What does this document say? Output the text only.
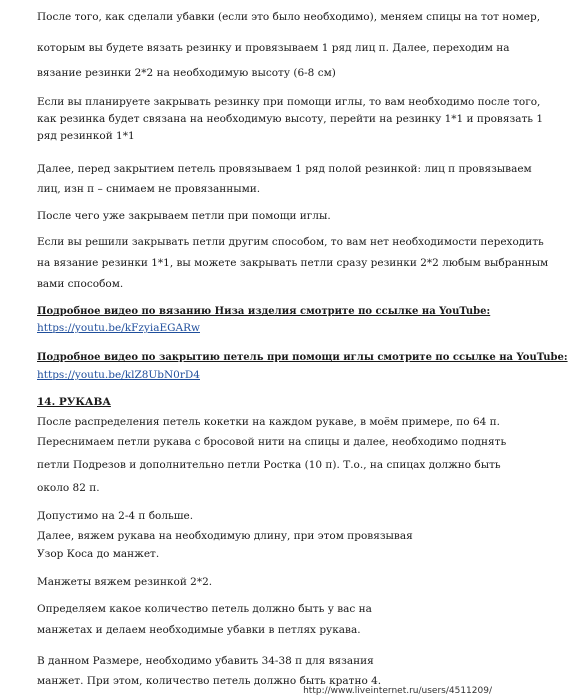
После того, как сделали убавки (если это было необходимо), меняем спицы на тот номер,

которым вы будете вязать резинку и провязываем 1 ряд лиц п. Далее, переходим на

вязание резинки 2*2 на необходимую высоту (6-8 см)

Если вы планируете закрывать резинку при помощи иглы, то вам необходимо после того,

как резинка будет связана на необходимую высоту, перейти на резинку 1*1 и провязать 1

ряд резинкой 1*1

Далее, перед закрытием петель провязываем 1 ряд полой резинкой: лиц п провязываем

лиц, изн п – снимаем не провязанными.

После чего уже закрываем петли при помощи иглы.

Если вы решили закрывать петли другим способом, то вам нет необходимости переходить

на вязание резинки 1*1, вы можете закрывать петли сразу резинки 2*2 любым выбранным

вами способом.

Подробное видео по вязанию Низа изделия смотрите по ссылке на YouTube:

https://youtu.be/kFzyiaEGARw

Подробное видео по закрытию петель при помощи иглы смотрите по ссылке на YouTube:

https://youtu.be/klZ8UbN0rD4

14. РУКАВА

После распределения петель кокетки на каждом рукаве, в моём примере, по 64 п.

Переснимаем петли рукава с бросовой нити на спицы и далее, необходимо поднять

петли Подрезов и дополнительно петли Ростка (10 п). Т.о., на спицах должно быть

около 82 п.

Допустимо на 2-4 п больше.

Далее, вяжем рукава на необходимую длину, при этом провязывая

Узор Коса до манжет.

Манжеты вяжем резинкой 2*2.

Определяем какое количество петель должно быть у вас на

манжетах и делаем необходимые убавки в петлях рукава.

В данном Размере, необходимо убавить 34-38 п для вязания

манжет. При этом, количество петель должно быть кратно 4.

http://www.liveinternet.ru/users/4511209/
